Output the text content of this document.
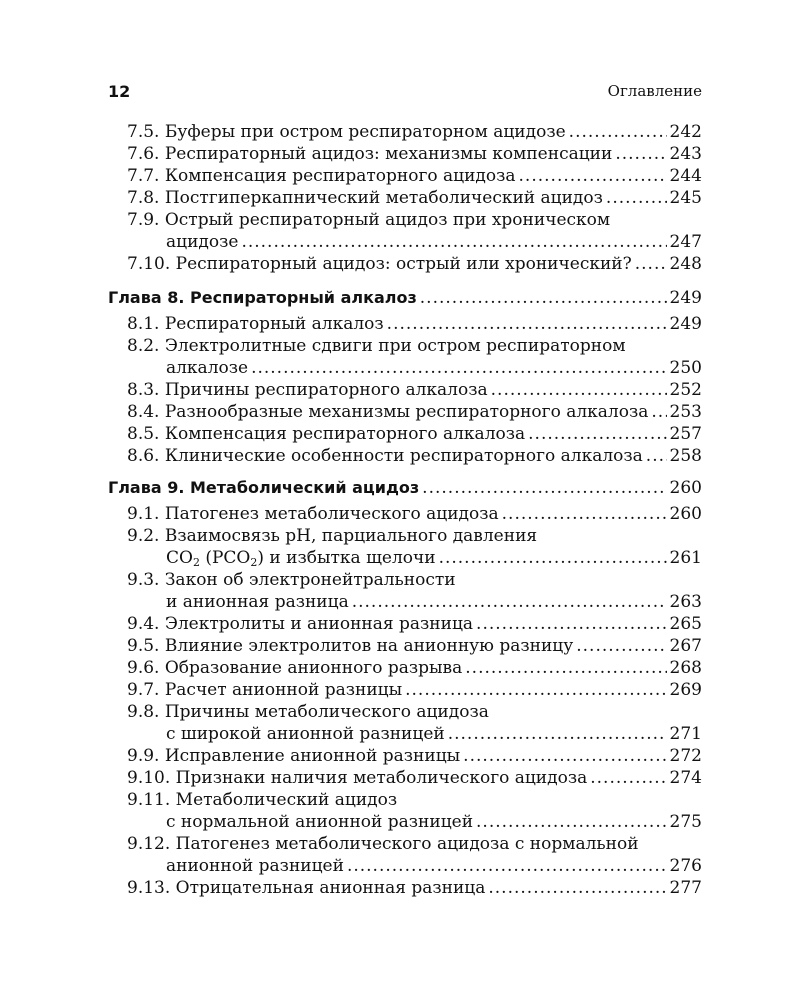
12	Оглавление
7.5. Буферы при остром респираторном ацидозе .....	242
7.6. Респираторный ацидоз: механизмы компенсации .....	243
7.7. Компенсация респираторного ацидоза .....	244
7.8. Постгиперкапнический метаболический ацидоз .....	245
7.9. Острый респираторный ацидоз при хроническом
ацидозе .....	247
7.10. Респираторный ацидоз: острый или хронический? ..... 248
Глава 8. Респираторный алкалоз .....	249
8.1. Респираторный алкалоз .....	249
8.2. Электролитные сдвиги при остром респираторном
алкалозе .....	250
8.3. Причины респираторного алкалоза .....	252
8.4. Разнообразные механизмы респираторного алкалоза ..... 253
8.5. Компенсация респираторного алкалоза .....	257
8.6. Клинические особенности респираторного алкалоза ..... 258
Глава 9. Метаболический ацидоз .....	260
9.1. Патогенез метаболического ацидоза .....	260
9.2. Взаимосвязь pH, парциального давления
$CO_2$ $(PCO_2)$ и избытка щелочи .....	261
9.3. Закон об электронейтральности
и анионная разница .....	263
9.4. Электролиты и анионная разница .....	265
9.5. Влияние электролитов на анионную разницу .....	267
9.6. Образование анионного разрыва .....	268
9.7. Расчет анионной разницы .....	269
9.8. Причины метаболического ацидоза
с широкой анионной разницей .....	271
9.9. Исправление анионной разницы .....	272
9.10. Признаки наличия метаболического ацидоза .....	274
9.11. Метаболический ацидоз
с нормальной анионной разницей .....	275
9.12. Патогенез метаболического ацидоза с нормальной
анионной разницей .....	276
9.13. Отрицательная анионная разница .....	277
